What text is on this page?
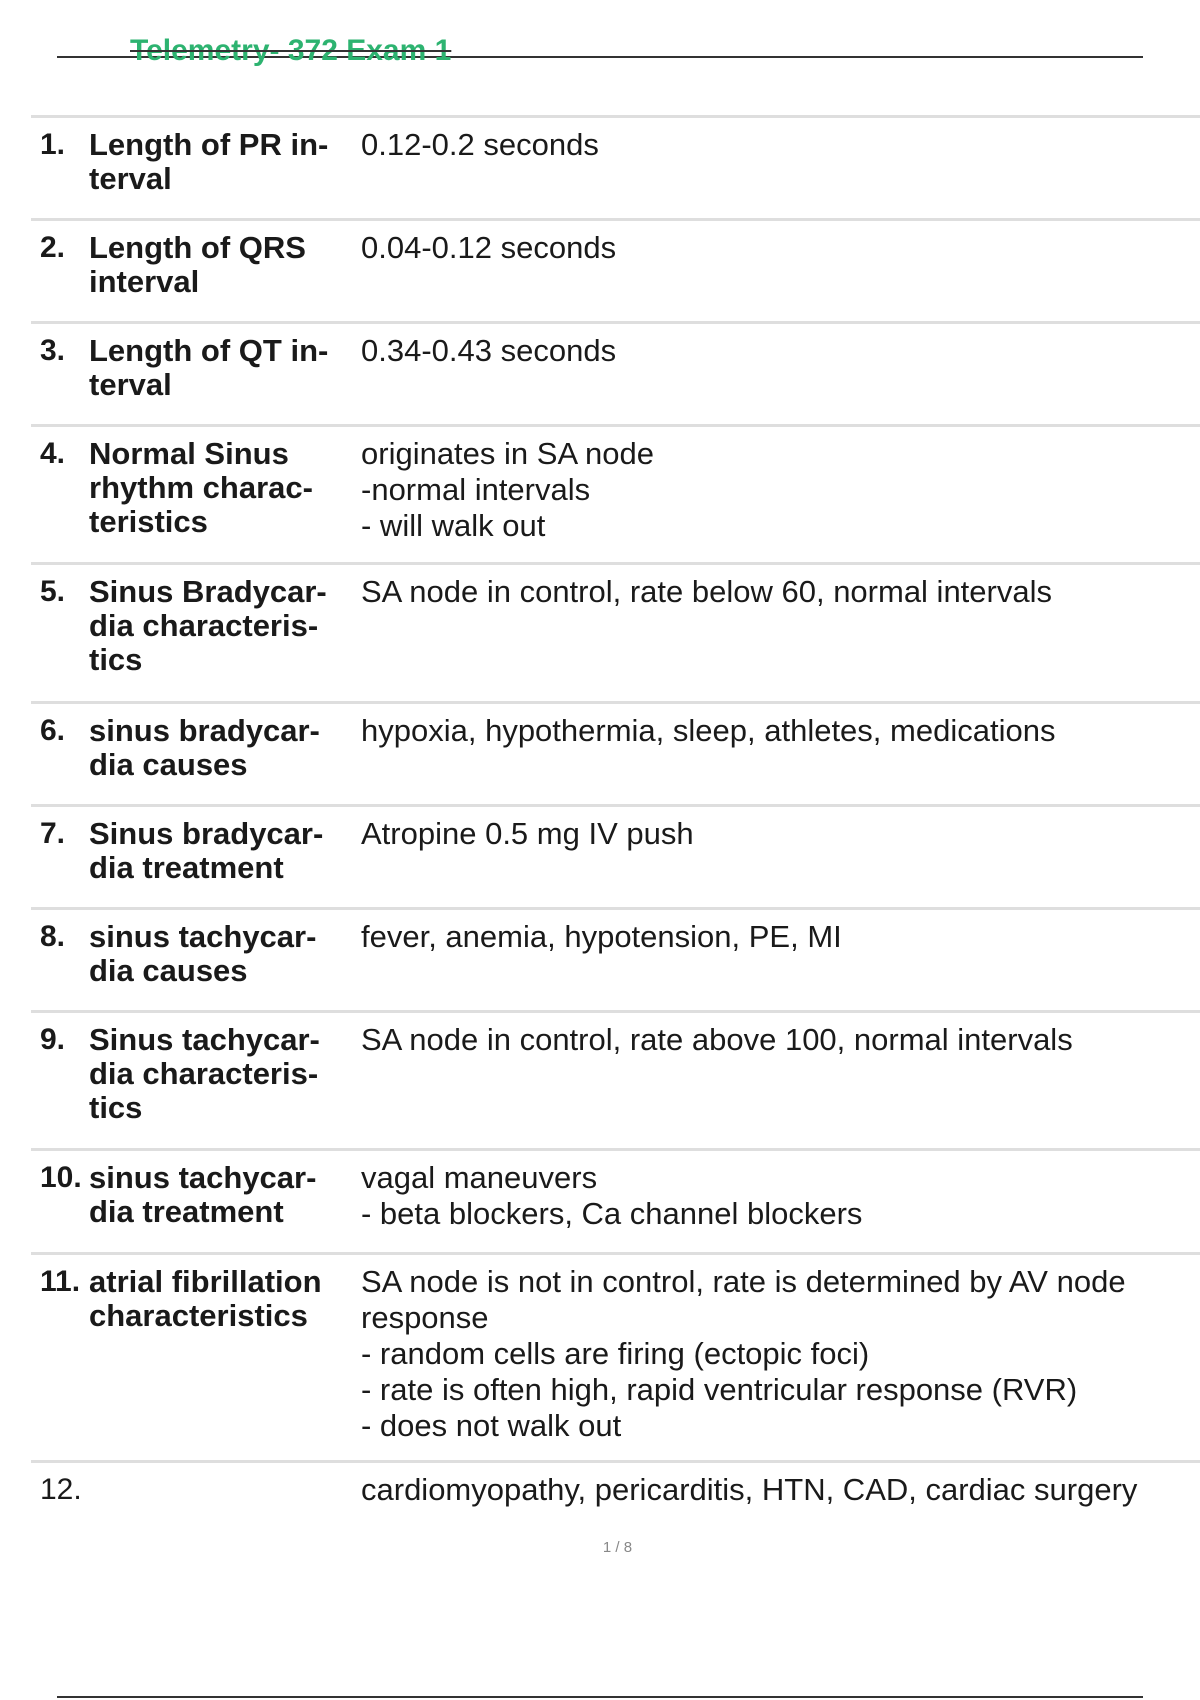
Telemetry- 372 Exam 1
1. Length of PR in-
terval
0.12-0.2 seconds
2. Length of QRS
interval
0.04-0.12 seconds
3. Length of QT in-
terval
0.34-0.43 seconds
4. Normal Sinus
rhythm charac-
teristics
originates in SA node
-normal intervals
- will walk out
5. Sinus Bradycar-
dia characteris-
tics
SA node in control, rate below 60, normal intervals
6. sinus bradycar-
dia causes
hypoxia, hypothermia, sleep, athletes, medications
7. Sinus bradycar-
dia treatment
Atropine 0.5 mg IV push
8. sinus tachycar-
dia causes
fever, anemia, hypotension, PE, MI
9. Sinus tachycar-
dia characteris-
tics
SA node in control, rate above 100, normal intervals
10. sinus tachycar-
dia treatment
vagal maneuvers
- beta blockers, Ca channel blockers
11. atrial fibrillation
characteristics
SA node is not in control, rate is determined by AV node
response
- random cells are firing (ectopic foci)
- rate is often high, rapid ventricular response (RVR)
- does not walk out
12.	cardiomyopathy, pericarditis, HTN, CAD, cardiac surgery
1 / 8
